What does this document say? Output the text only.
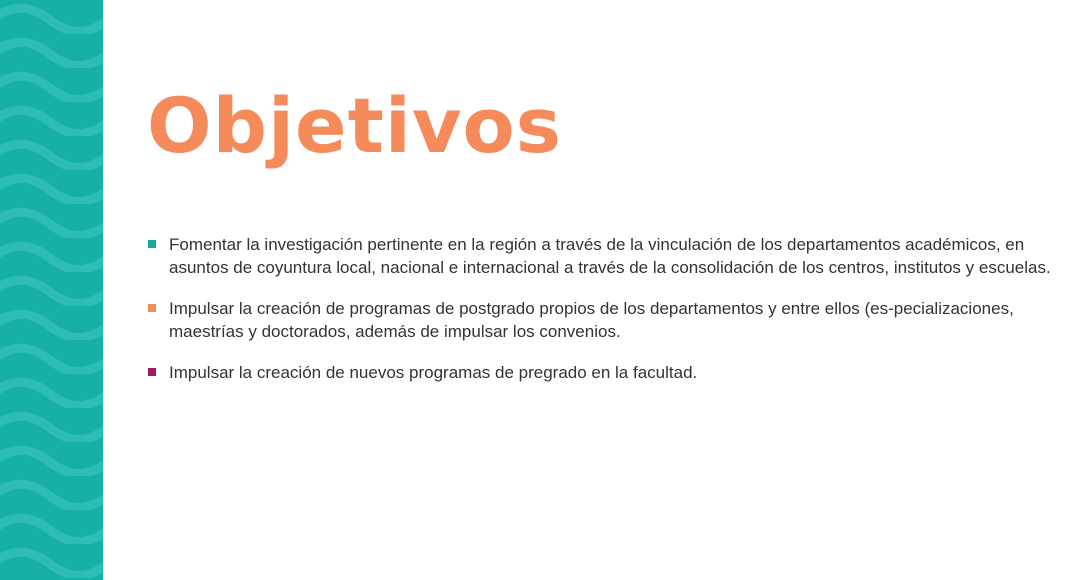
Objetivos
Fomentar la investigación pertinente en la región a través de la vinculación de los departamentos académicos, en asuntos de coyuntura local, nacional e internacional a través de la consolidación de los centros, institutos y escuelas.
Impulsar la creación de programas de postgrado propios de los departamentos y entre ellos (es-pecializaciones, maestrías y doctorados, además de impulsar los convenios.
Impulsar la creación de nuevos programas de pregrado en la facultad.
